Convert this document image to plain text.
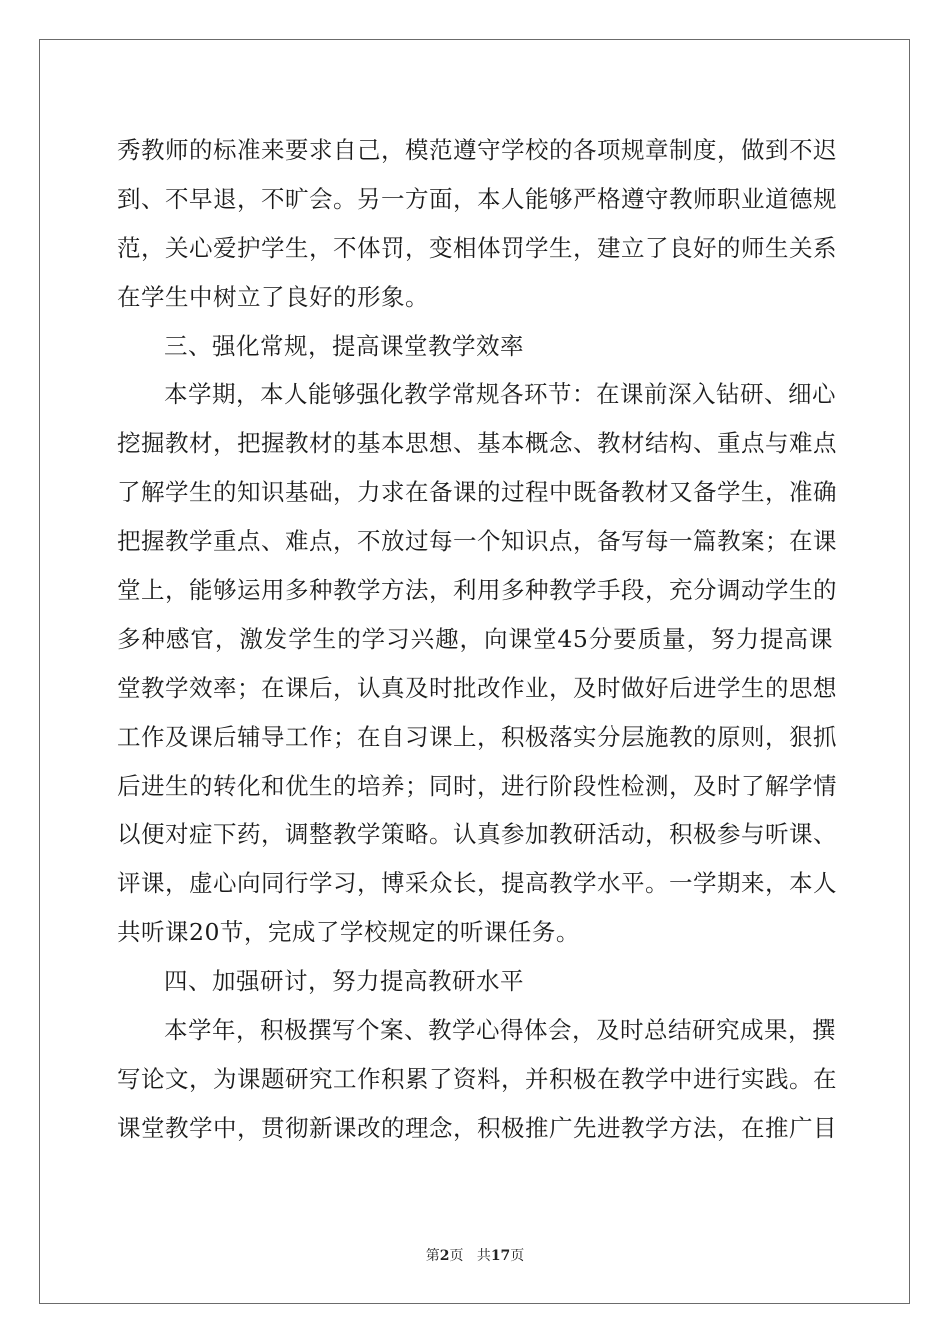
秀教师的标准来要求自己，模范遵守学校的各项规章制度，做到不迟
到、不早退，不旷会。另一方面，本人能够严格遵守教师职业道德规
范，关心爱护学生，不体罚，变相体罚学生，建立了良好的师生关系
在学生中树立了良好的形象。
三、强化常规，提高课堂教学效率
本学期，本人能够强化教学常规各环节：在课前深入钻研、细心
挖掘教材，把握教材的基本思想、基本概念、教材结构、重点与难点
了解学生的知识基础，力求在备课的过程中既备教材又备学生，准确
把握教学重点、难点，不放过每一个知识点，备写每一篇教案；在课
堂上，能够运用多种教学方法，利用多种教学手段，充分调动学生的
多种感官，激发学生的学习兴趣，向课堂45分要质量，努力提高课
堂教学效率；在课后，认真及时批改作业，及时做好后进学生的思想
工作及课后辅导工作；在自习课上，积极落实分层施教的原则，狠抓
后进生的转化和优生的培养；同时，进行阶段性检测，及时了解学情
以便对症下药，调整教学策略。认真参加教研活动，积极参与听课、
评课，虚心向同行学习，博采众长，提高教学水平。一学期来，本人
共听课20节，完成了学校规定的听课任务。
四、加强研讨，努力提高教研水平
本学年，积极撰写个案、教学心得体会，及时总结研究成果，撰
写论文，为课题研究工作积累了资料，并积极在教学中进行实践。在
课堂教学中，贯彻新课改的理念，积极推广先进教学方法，在推广目
第2页 共17页
